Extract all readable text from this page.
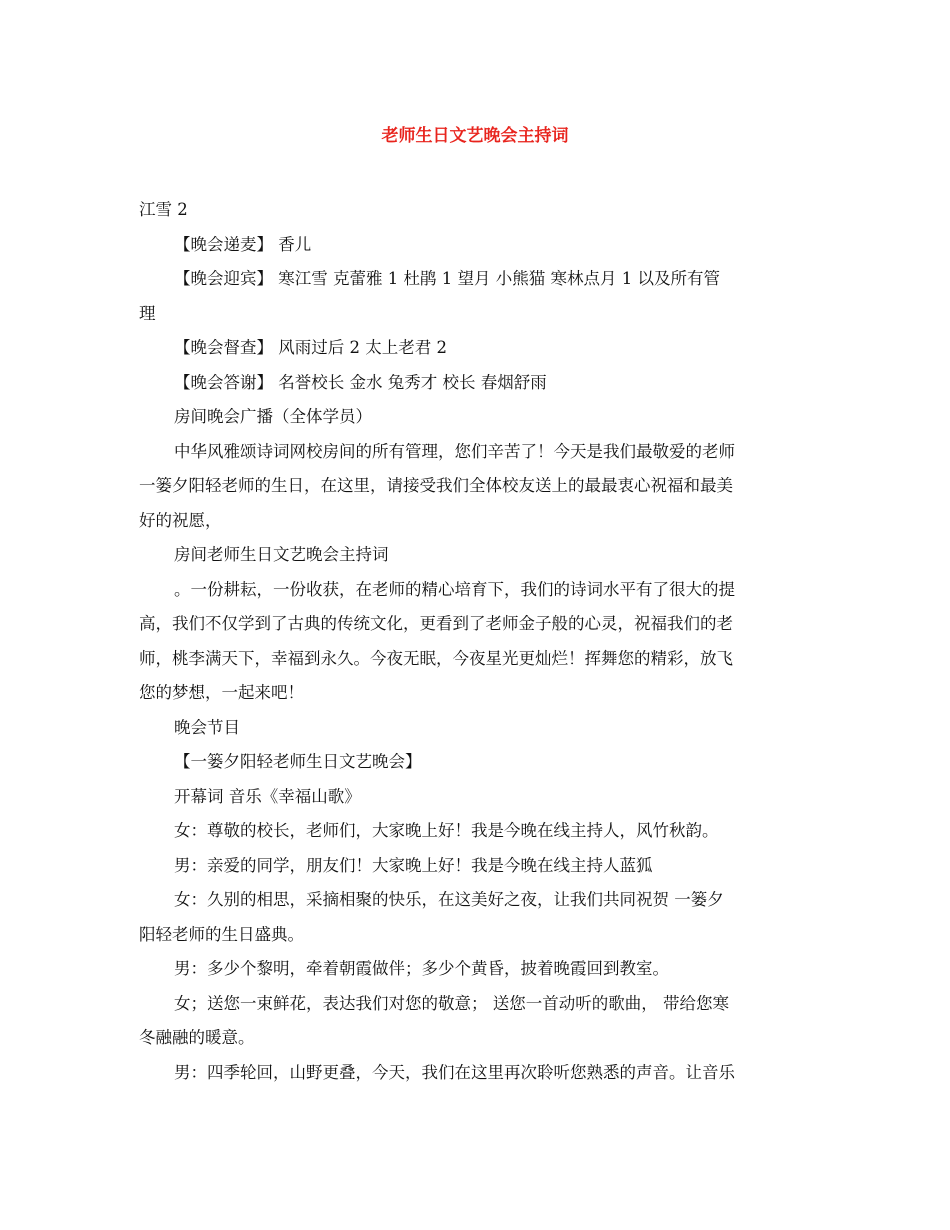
老师生日文艺晚会主持词
江雪 2
【晚会递麦】 香儿
【晚会迎宾】 寒江雪 克蕾雅 1 杜鹃 1 望月 小熊猫 寒林点月 1 以及所有管
理
【晚会督查】 风雨过后 2 太上老君 2
【晚会答谢】 名誉校长 金水 兔秀才 校长 春烟舒雨
房间晚会广播（全体学员）
中华风雅颂诗词网校房间的所有管理，您们辛苦了！今天是我们最敬爱的老师
一篓夕阳轻老师的生日，在这里，请接受我们全体校友送上的最最衷心祝福和最美
好的祝愿，
房间老师生日文艺晚会主持词
。一份耕耘，一份收获，在老师的精心培育下，我们的诗词水平有了很大的提
高，我们不仅学到了古典的传统文化，更看到了老师金子般的心灵，祝福我们的老
师，桃李满天下，幸福到永久。今夜无眠，今夜星光更灿烂！挥舞您的精彩，放飞
您的梦想，一起来吧！
晚会节目
【一篓夕阳轻老师生日文艺晚会】
开幕词 音乐《幸福山歌》
女：尊敬的校长，老师们，大家晚上好！我是今晚在线主持人，风竹秋韵。
男：亲爱的同学，朋友们！大家晚上好！我是今晚在线主持人蓝狐
女：久别的相思，采摘相聚的快乐，在这美好之夜，让我们共同祝贺 一篓夕
阳轻老师的生日盛典。
男：多少个黎明，牵着朝霞做伴；多少个黄昏，披着晚霞回到教室。
女；送您一束鲜花，表达我们对您的敬意； 送您一首动听的歌曲， 带给您寒
冬融融的暖意。
男：四季轮回，山野更叠，今天，我们在这里再次聆听您熟悉的声音。让音乐
